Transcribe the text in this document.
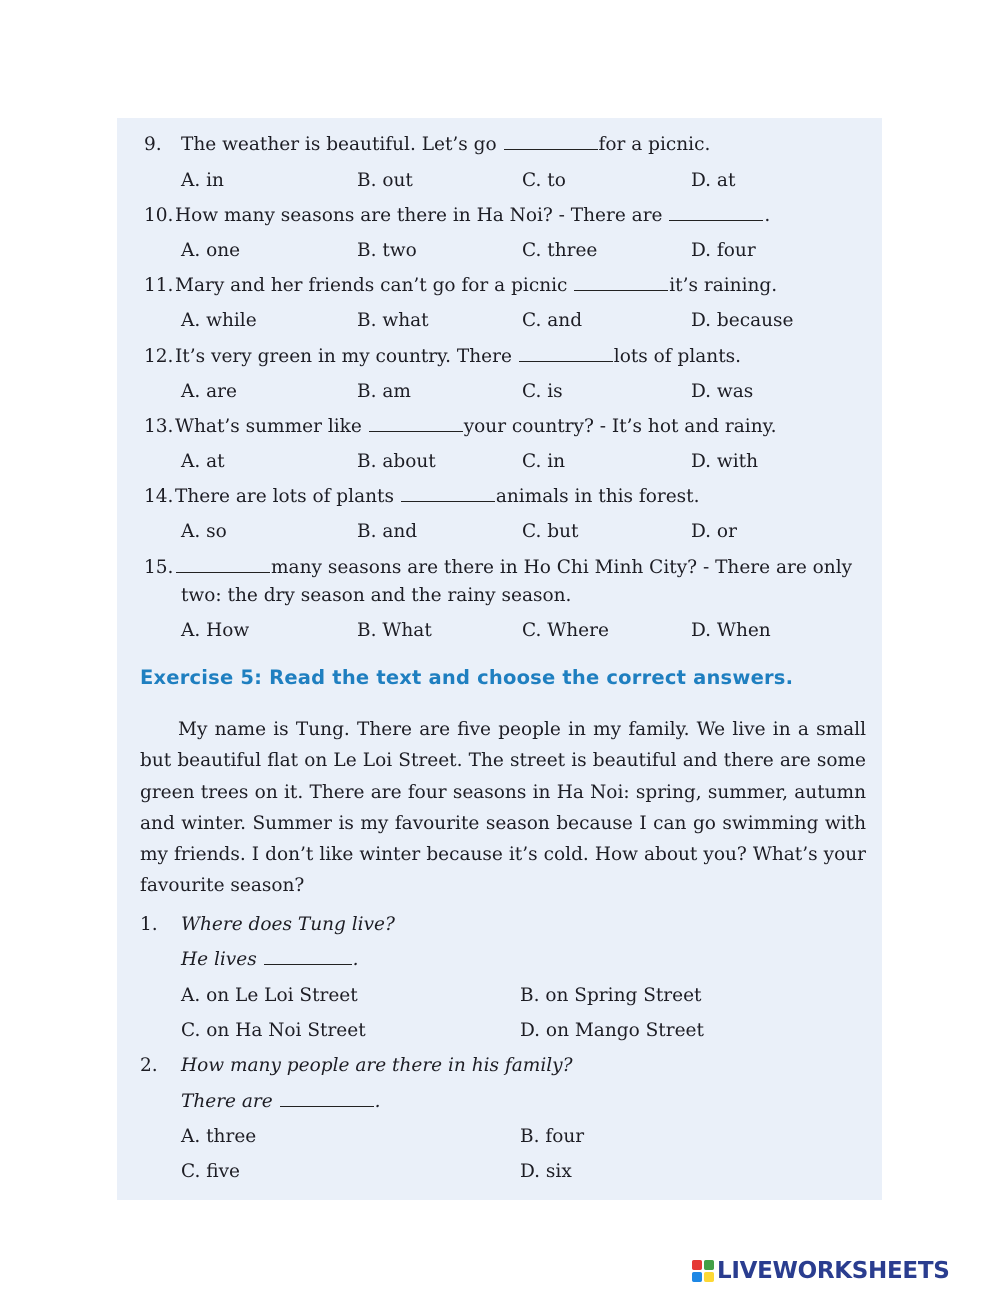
9. The weather is beautiful. Let’s go	for a picnic.
A. in	B. out	C. to	D. at
10. How many seasons are there in Ha Noi? - There are	.
A. one	B. two	C. three	D. four
11. Mary and her friends can’t go for a picnic	it’s raining.
A. while	B. what	C. and	D. because
12. It’s very green in my country. There	lots of plants.
A. are	B. am	C. is	D. was
13. What’s summer like	your country? - It’s hot and rainy.
A. at	B. about	C. in	D. with
14. There are lots of plants	animals in this forest.
A. so	B. and	C. but	D. or
15.	many seasons are there in Ho Chi Minh City? - There are only
two: the dry season and the rainy season.
A. How	B. What	C. Where	D. When
Exercise 5: Read the text and choose the correct answers.
My name is Tung. There are five people in my family. We live in a small but beautiful flat on Le Loi Street. The street is beautiful and there are some green trees on it. There are four seasons in Ha Noi: spring, summer, autumn and winter. Summer is my favourite season because I can go swimming with my friends. I don’t like winter because it’s cold. How about you? What’s your favourite season?
1. Where does Tung live?
He lives	.
A. on Le Loi Street	B. on Spring Street
C. on Ha Noi Street	D. on Mango Street
2. How many people are there in his family?
There are	.
A. three	B. four
C. five	D. six
LIVEWORKSHEETS
